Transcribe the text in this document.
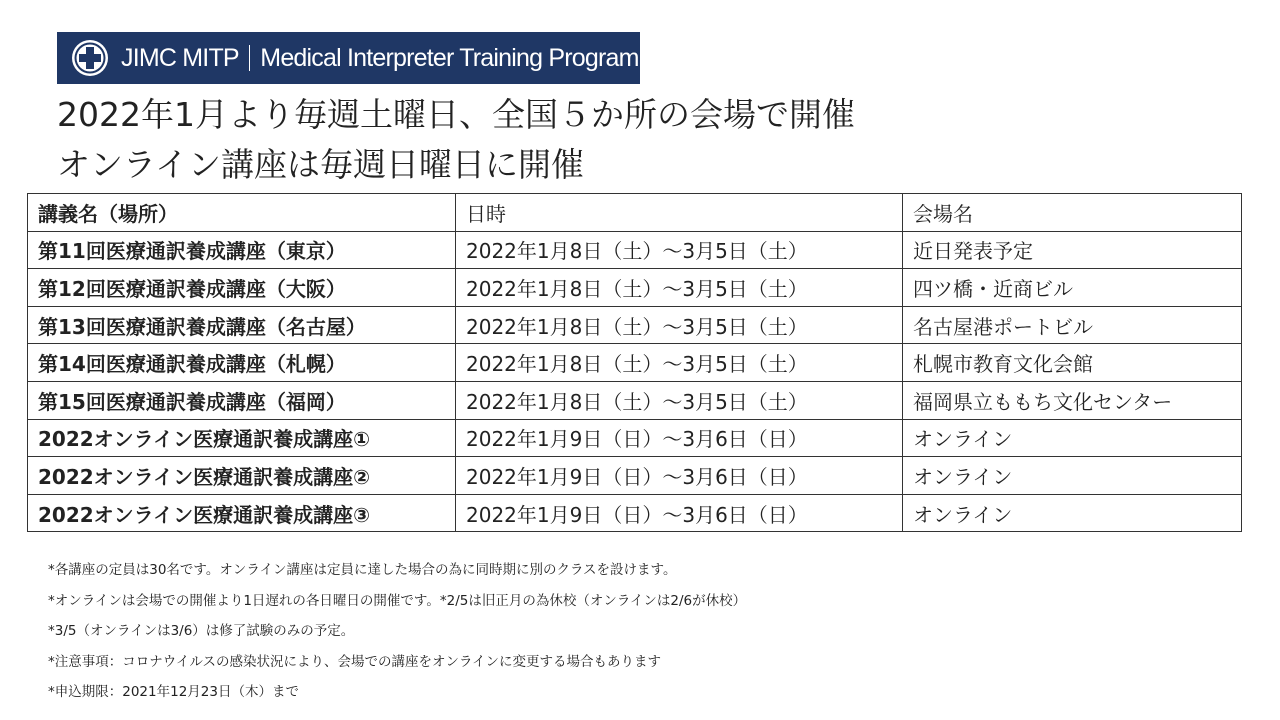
JIMC MITP Medical Interpreter Training Program
2022年1月より毎週土曜日、全国５か所の会場で開催
オンライン講座は毎週日曜日に開催
講義名（場所）	日時	会場名
第11回医療通訳養成講座（東京）	2022年1月8日（土）～3月5日（土）	近日発表予定
第12回医療通訳養成講座（大阪）	2022年1月8日（土）～3月5日（土）	四ツ橋・近商ビル
第13回医療通訳養成講座（名古屋）	2022年1月8日（土）～3月5日（土）	名古屋港ポートビル
第14回医療通訳養成講座（札幌）	2022年1月8日（土）～3月5日（土）	札幌市教育文化会館
第15回医療通訳養成講座（福岡）	2022年1月8日（土）～3月5日（土）	福岡県立ももち文化センター
2022オンライン医療通訳養成講座①	2022年1月9日（日）～3月6日（日）	オンライン
2022オンライン医療通訳養成講座②	2022年1月9日（日）～3月6日（日）	オンライン
2022オンライン医療通訳養成講座③	2022年1月9日（日）～3月6日（日）	オンライン
*各講座の定員は30名です。オンライン講座は定員に達した場合の為に同時期に別のクラスを設けます。
*オンラインは会場での開催より1日遅れの各日曜日の開催です。*2/5は旧正月の為休校（オンラインは2/6が休校）
*3/5（オンラインは3/6）は修了試験のみの予定。
*注意事項：コロナウイルスの感染状況により、会場での講座をオンラインに変更する場合もあります
*申込期限：2021年12月23日（木）まで
